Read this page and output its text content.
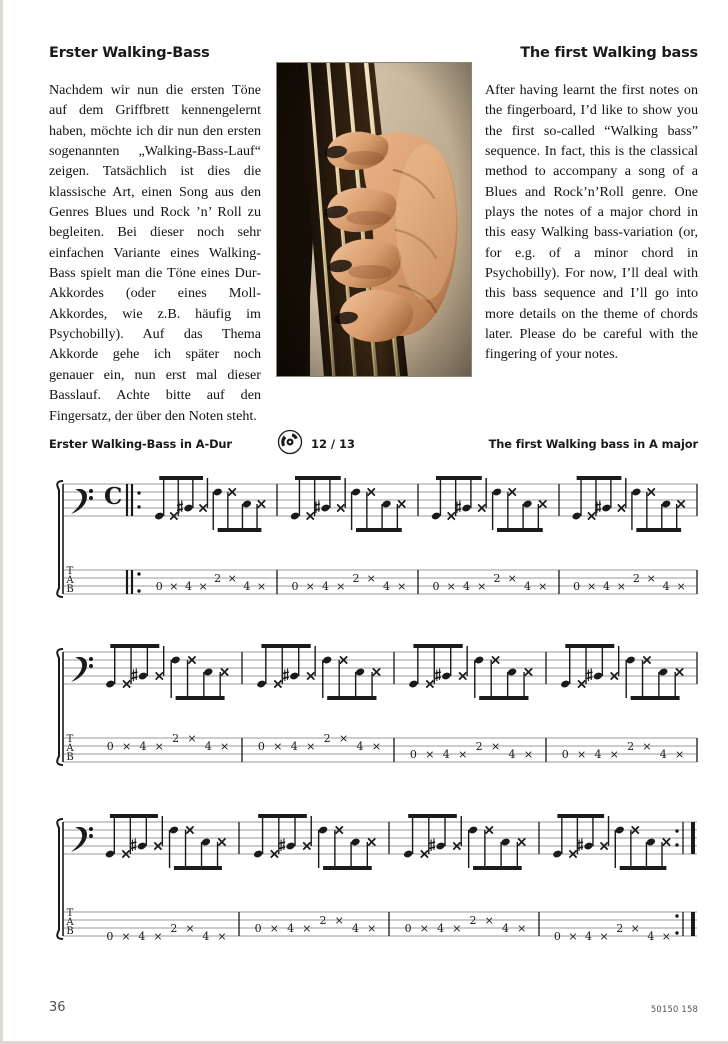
Erster Walking-Bass	The first Walking bass
Nachdem wir nun die ersten Töne auf dem Griffbrett kennengelernt haben, möchte ich dir nun den ersten sogenannten „Walking-Bass-Lauf“ zeigen. Tatsächlich ist dies die klassische Art, einen Song aus den Genres Blues und Rock ’n’ Roll zu begleiten. Bei dieser noch sehr einfachen Variante eines Walking-Bass spielt man die Töne eines Dur-Akkordes (oder eines Moll-Akkordes, wie z.B. häufig im Psychobilly). Auf das Thema Akkorde gehe ich später noch genauer ein, nun erst mal dieser Basslauf. Achte bitte auf den Fingersatz, der über den Noten steht.
After having learnt the first notes on the fingerboard, I’d like to show you the first so-called “Walking bass” sequence. In fact, this is the classical method to accompany a song of a Blues and Rock’n’Roll genre. One plays the notes of a major chord in this easy Walking bass-variation (or, for e.g. of a minor chord in Psychobilly). For now, I’ll deal with this bass sequence and I’ll go into more details on the theme of chords later. Please do be careful with the fingering of your notes.
Erster Walking-Bass in A-Dur	12 / 13	The first Walking bass in A major
C
T
A
B	0 × 4 ×
2 ×
4 × 0 × 4 ×
2 ×
4 × 0 × 4 ×
2 ×
4 × 0 × 4 ×
2 ×
4 ×
T
A
B
0 × 4 ×
2 ×
4 ×	0 × 4 ×
2 ×
4 ×
0 × 4 ×
2 ×
4 ×	0 × 4 ×
2 ×
4 ×
T
A
B	0 × 4 ×
2 ×
4 ×
0 × 4 ×
2 ×
4 ×	0 × 4 ×
2 ×
4 ×
0 × 4 ×
2 ×
4 ×
36	50150 158
